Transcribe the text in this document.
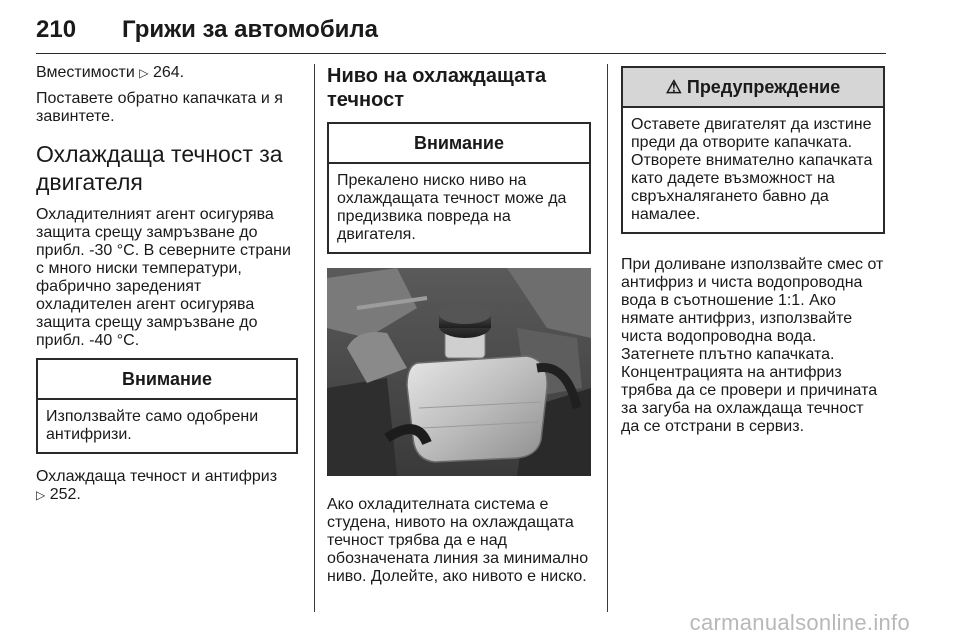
210 Грижи за автомобила

Вместимости ▷ 264.

Поставете обратно капачката и я завинтете.

Охлаждаща течност за двигателя

Охладителният агент осигурява защита срещу замръзване до прибл. -30 °C. В северните страни с много ниски температури, фабрично зареденият охладителен агент осигурява защита срещу замръзване до прибл. -40 °C.

Внимание
Използвайте само одобрени антифризи.

Охлаждаща течност и антифриз
▷ 252.

Ниво на охлаждащата течност
Внимание
Прекалено ниско ниво на охлаждащата течност може да предизвика повреда на двигателя.

Ако охладителната система е студена, нивото на охлаждащата течност трябва да е над обозначената линия за минимално ниво. Долейте, ако нивото е ниско.

⚠ Предупреждение
Оставете двигателят да изстине преди да отворите капачката. Отворете внимателно капачката като дадете възможност на свръхналягането бавно да намалее.

При доливане използвайте смес от антифриз и чиста водопроводна вода в съотношение 1:1. Ако нямате антифриз, използвайте чиста водопроводна вода. Затегнете плътно капачката. Концентрацията на антифриз трябва да се провери и причината за загуба на охлаждаща течност да се отстрани в сервиз.

carmanualsonline.info
